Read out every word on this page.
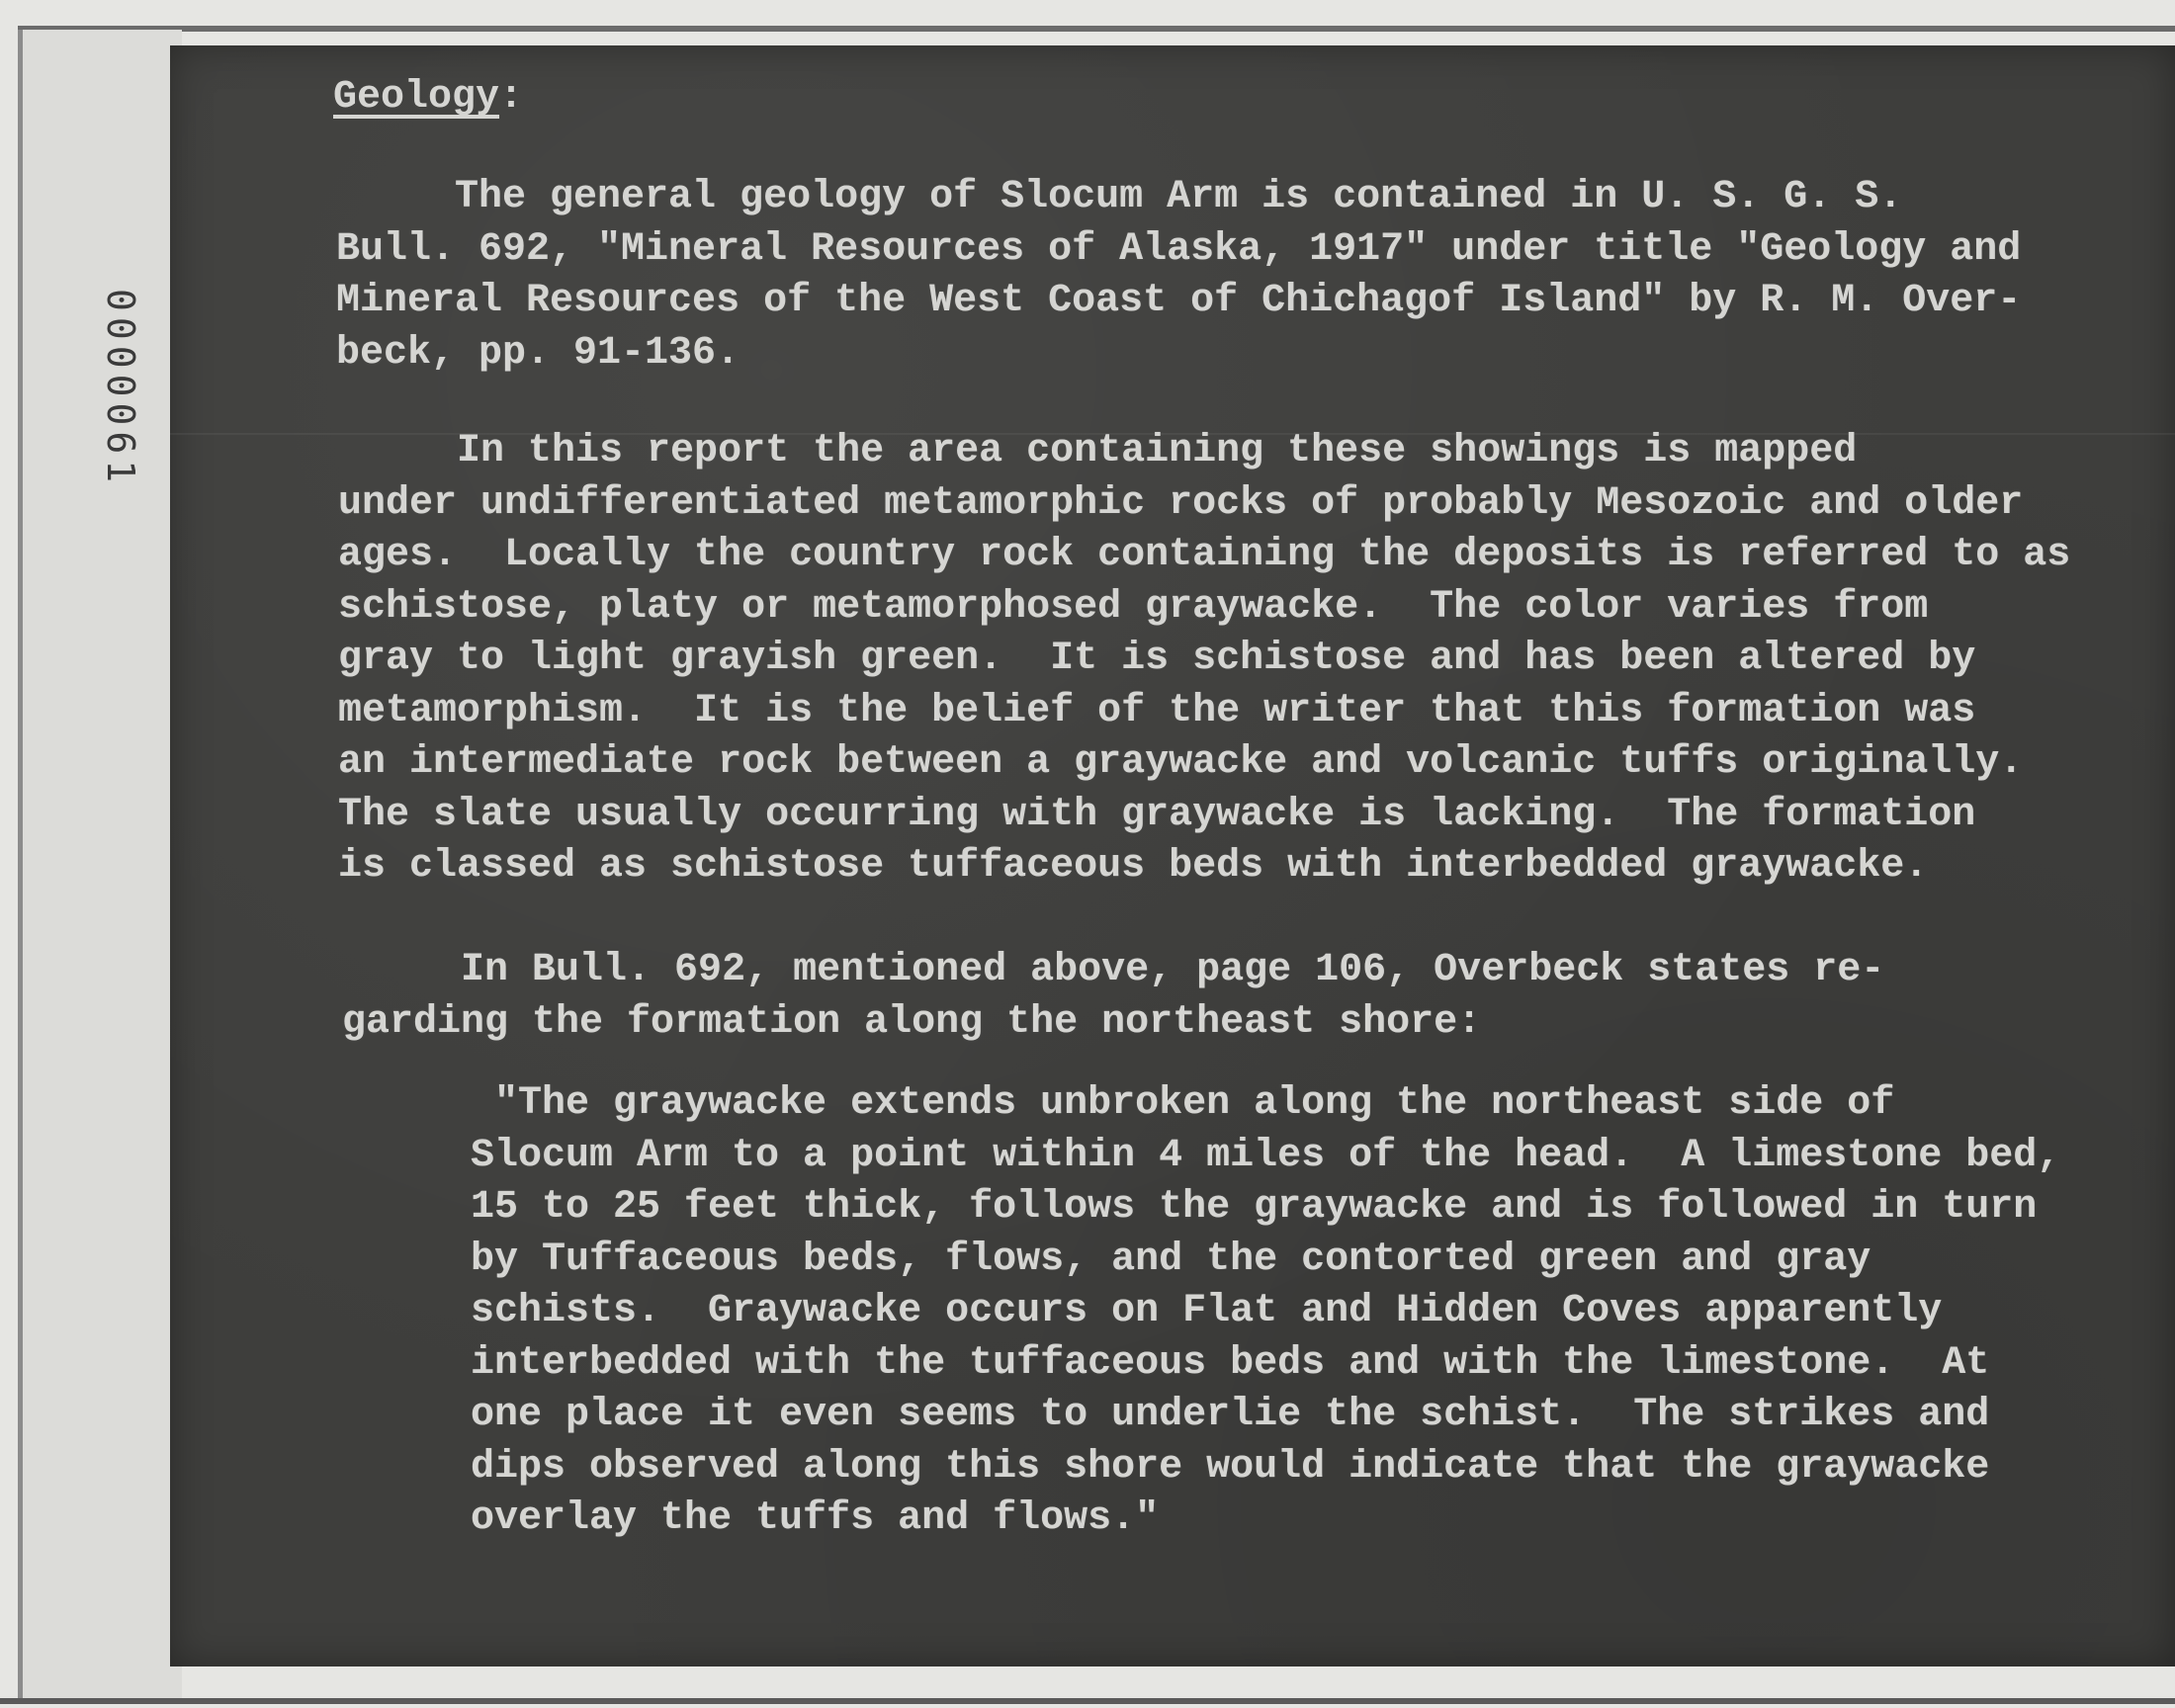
0000061
Geology:

The general geology of Slocum Arm is contained in U. S. G. S.
Bull. 692, "Mineral Resources of Alaska, 1917" under title "Geology and
Mineral Resources of the West Coast of Chichagof Island" by R. M. Over-
beck, pp. 91-136.

In this report the area containing these showings is mapped
under undifferentiated metamorphic rocks of probably Mesozoic and older
ages.  Locally the country rock containing the deposits is referred to as
schistose, platy or metamorphosed graywacke.  The color varies from
gray to light grayish green.  It is schistose and has been altered by
metamorphism.  It is the belief of the writer that this formation was
an intermediate rock between a graywacke and volcanic tuffs originally.
The slate usually occurring with graywacke is lacking.  The formation
is classed as schistose tuffaceous beds with interbedded graywacke.

In Bull. 692, mentioned above, page 106, Overbeck states re-
garding the formation along the northeast shore:

"The graywacke extends unbroken along the northeast side of
Slocum Arm to a point within 4 miles of the head.  A limestone bed,
15 to 25 feet thick, follows the graywacke and is followed in turn
by Tuffaceous beds, flows, and the contorted green and gray
schists.  Graywacke occurs on Flat and Hidden Coves apparently
interbedded with the tuffaceous beds and with the limestone.  At
one place it even seems to underlie the schist.  The strikes and
dips observed along this shore would indicate that the graywacke
overlay the tuffs and flows."
